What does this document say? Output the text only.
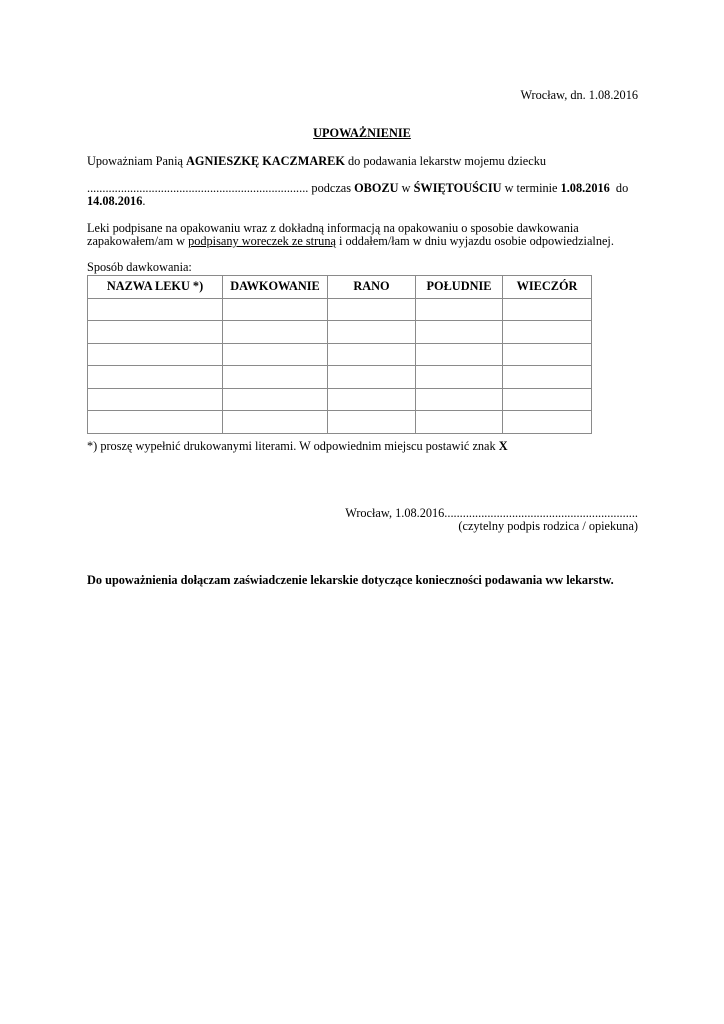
Wrocław, dn. 1.08.2016
UPOWAŻNIENIE
Upoważniam Panią AGNIESZKĘ KACZMAREK do podawania lekarstw mojemu dziecku
........................................................................ podczas OBOZU w ŚWIĘTOUŚCIU w terminie 1.08.2016  do
14.08.2016.
Leki podpisane na opakowaniu wraz z dokładną informacją na opakowaniu o sposobie dawkowania
zapakowałem/am w podpisany woreczek ze struną i oddałem/łam w dniu wyjazdu osobie odpowiedzialnej.
Sposób dawkowania:
NAZWA LEKU *)	DAWKOWANIE	RANO	POŁUDNIE	WIECZÓR

*) proszę wypełnić drukowanymi literami. W odpowiednim miejscu postawić znak X
Wrocław, 1.08.2016...............................................................
(czytelny podpis rodzica / opiekuna)
Do upoważnienia dołączam zaświadczenie lekarskie dotyczące konieczności podawania ww lekarstw.
